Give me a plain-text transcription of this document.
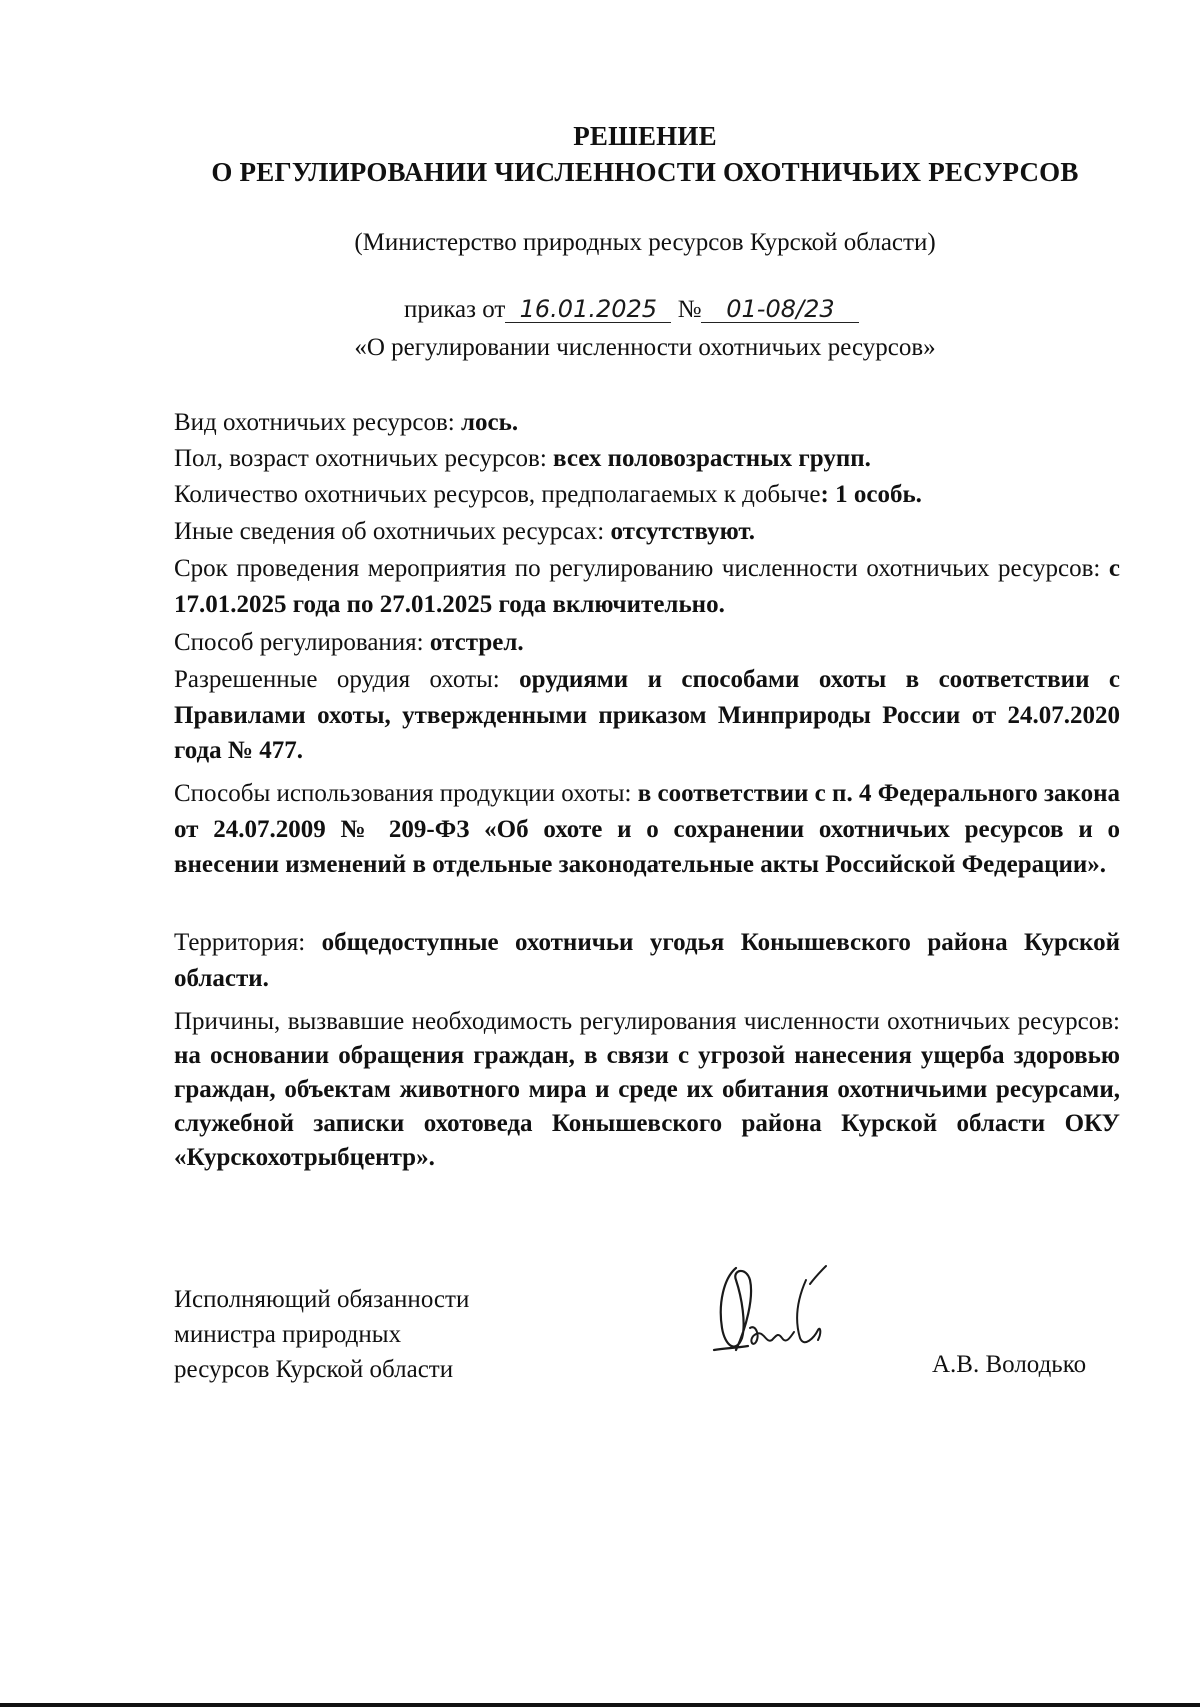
РЕШЕНИЕ
О РЕГУЛИРОВАНИИ ЧИСЛЕННОСТИ ОХОТНИЧЬИХ РЕСУРСОВ
(Министерство природных ресурсов Курской области)
приказ от 16.01.2025 № 01-08/23
«О регулировании численности охотничьих ресурсов»
Вид охотничьих ресурсов: лось.
Пол, возраст охотничьих ресурсов: всех половозрастных групп.
Количество охотничьих ресурсов, предполагаемых к добыче: 1 особь.
Иные сведения об охотничьих ресурсах: отсутствуют.
Срок проведения мероприятия по регулированию численности охотничьих ресурсов: с 17.01.2025 года по 27.01.2025 года включительно.
Способ регулирования: отстрел.
Разрешенные орудия охоты: орудиями и способами охоты в соответствии с Правилами охоты, утвержденными приказом Минприроды России от 24.07.2020 года № 477.
Способы использования продукции охоты: в соответствии с п. 4 Федерального закона от 24.07.2009 № 209-ФЗ «Об охоте и о сохранении охотничьих ресурсов и о внесении изменений в отдельные законодательные акты Российской Федерации».
Территория: общедоступные охотничьи угодья Конышевского района Курской области.
Причины, вызвавшие необходимость регулирования численности охотничьих ресурсов: на основании обращения граждан, в связи с угрозой нанесения ущерба здоровью граждан, объектам животного мира и среде их обитания охотничьими ресурсами, служебной записки охотоведа Конышевского района Курской области ОКУ «Курскохотрыбцентр».
Исполняющий обязанности
министра природных
ресурсов Курской области	А.В. Володько
